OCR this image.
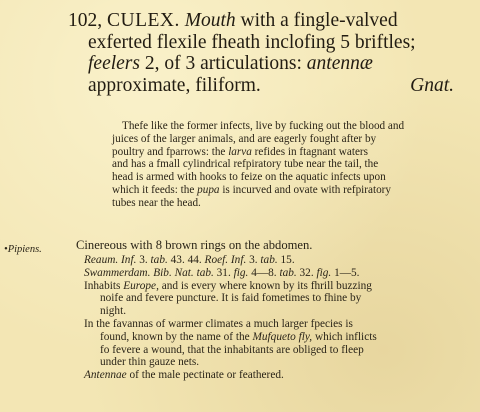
102, CULEX. Mouth with a fingle-valved
exferted flexile fheath inclofing 5 briftles;
feelers 2, of 3 articulations: antennæ
approximate, filiform.	Gnat.
Thefe like the former infects, live by fucking out the blood and
juices of the larger animals, and are eagerly fought after by
poultry and fparrows: the larva refides in ftagnant waters
and has a fmall cylindrical refpiratory tube near the tail, the
head is armed with hooks to feize on the aquatic infects upon
which it feeds: the pupa is incurved and ovate with refpiratory
tubes near the head.
•Pipiens.	Cinereous with 8 brown rings on the abdomen.
Reaum. Inf. 3. tab. 43. 44. Roef. Inf. 3. tab. 15.
Swammerdam. Bib. Nat. tab. 31. fig. 4—8. tab. 32. fig. 1—5.
Inhabits Europe, and is every where known by its fhrill buzzing
noife and fevere puncture. It is faid fometimes to fhine by
night.
In the favannas of warmer climates a much larger fpecies is
found, known by the name of the Mufqueto fly, which inflicts
fo fevere a wound, that the inhabitants are obliged to fleep
under thin gauze nets.
Antennae of the male pectinate or feathered.
